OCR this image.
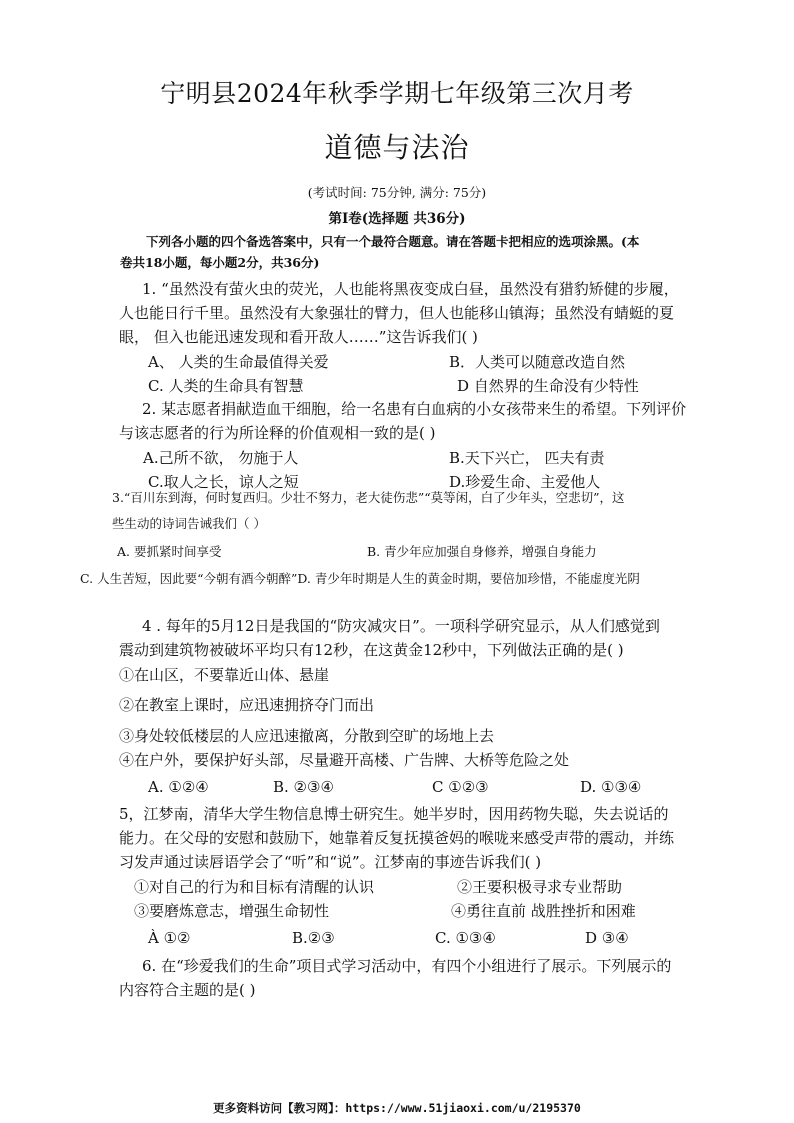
宁明县2024年秋季学期七年级第三次月考
道德与法治
(考试时间: 75分钟, 满分: 75分)
第Ⅰ卷(选择题 共36分)
下列各小题的四个备选答案中，只有一个最符合题意。请在答题卡把相应的选项涂黑。(本
卷共18小题，每小题2分，共36分)
1. “虽然没有萤火虫的荧光，人也能将黑夜变成白昼，虽然没有猎豹矫健的步履，
人也能日行千里。虽然没有大象强壮的臂力，但人也能移山镇海；虽然没有蜻蜓的夏
眼， 但入也能迅速发现和看开敌人……”这告诉我们( )
A、 人类的生命最值得关爱	B．人类可以随意改造自然
C. 人类的生命具有智慧	D 自然界的生命没有少特性
2. 某志愿者捐献造血干细胞，给一名患有白血病的小女孩带来生的希望。下列评价
与该志愿者的行为所诠释的价值观相一致的是( )
A.己所不欲， 勿施于人	B.天下兴亡， 匹夫有责
C.取人之长，谅人之短	D.珍爱生命、主爱他人
3.“百川东到海，何时复西归。少壮不努力，老大徒伤悲”“莫等闲，白了少年头，空悲切”，这
些生动的诗词告诫我们（ ）
A. 要抓紧时间享受	B. 青少年应加强自身修养，增强自身能力
C. 人生苦短，因此要“今朝有酒今朝醉”D. 青少年时期是人生的黄金时期，要倍加珍惜，不能虚度光阴
4 . 每年的5月12日是我国的“防灾减灾日”。一项科学研究显示，从人们感觉到
震动到建筑物被破坏平均只有12秒，在这黄金12秒中，下列做法正确的是( )
①在山区，不要靠近山体、悬崖
②在教室上课时，应迅速拥挤夺门而出
③身处较低楼层的人应迅速撤离，分散到空旷的场地上去
④在户外，要保护好头部，尽量避开高楼、广告牌、大桥等危险之处
A. ①②④	B. ②③④	C ①②③	D. ①③④
5，江梦南，清华大学生物信息博士研究生。她半岁时，因用药物失聪，失去说话的
能力。在父母的安慰和鼓励下，她靠着反复抚摸爸妈的喉咙来感受声带的震动，并练
习发声通过读唇语学会了“听”和“说”。江梦南的事迹告诉我们( )
①对自己的行为和目标有清醒的认识	②王要积极寻求专业帮助
③要磨炼意志，增强生命韧性	④勇往直前 战胜挫折和困难
À ①②	B.②③	C. ①③④	D ③④
6. 在“珍爱我们的生命”项目式学习活动中，有四个小组进行了展示。下列展示的
内容符合主题的是( )
更多资料访问【教习网】：https://www.51jiaoxi.com/u/2195370
